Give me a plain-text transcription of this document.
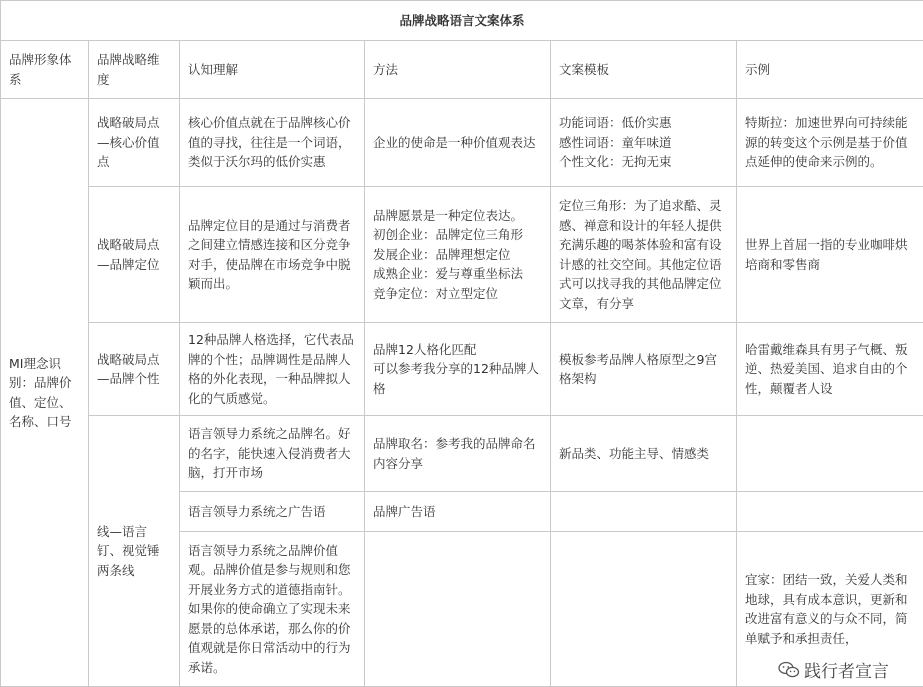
品牌战略语言文案体系					
品牌形象体系	品牌战略维度	认知理解	方法	文案模板	示例
MI理念识别：品牌价值、定位、名称、口号	战略破局点—核心价值点	核心价值点就在于品牌核心价值的寻找，往往是一个词语，类似于沃尔玛的低价实惠	企业的使命是一种价值观表达	功能词语：低价实惠
感性词语：童年味道
个性文化：无拘无束	特斯拉：加速世界向可持续能源的转变这个示例是基于价值点延伸的使命来示例的。
	战略破局点—品牌定位	品牌定位目的是通过与消费者之间建立情感连接和区分竞争对手，使品牌在市场竞争中脱颖而出。	品牌愿景是一种定位表达。
初创企业：品牌定位三角形
发展企业：品牌理想定位
成熟企业：爱与尊重坐标法
竞争定位：对立型定位	定位三角形：为了追求酷、灵感、禅意和设计的年轻人提供充满乐趣的喝茶体验和富有设计感的社交空间。其他定位语式可以找寻我的其他品牌定位文章，有分享	世界上首屈一指的专业咖啡烘培商和零售商
	战略破局点—品牌个性	12种品牌人格选择，它代表品牌的个性；品牌调性是品牌人格的外化表现，一种品牌拟人化的气质感觉。	品牌12人格化匹配
可以参考我分享的12种品牌人格	模板参考品牌人格原型之9宫格架构	哈雷戴维森具有男子气概、叛逆、热爱美国、追求自由的个性，颠覆者人设
	线—语言钉、视觉锤两条线	语言领导力系统之品牌名。好的名字，能快速入侵消费者大脑，打开市场	品牌取名：参考我的品牌命名内容分享	新品类、功能主导、情感类	
		语言领导力系统之广告语	品牌广告语		
		语言领导力系统之品牌价值观。品牌价值是参与规则和您开展业务方式的道德指南针。如果你的使命确立了实现未来愿景的总体承诺，那么你的价值观就是你日常活动中的行为承诺。			宜家：团结一致，关爱人类和地球，具有成本意识，更新和改进富有意义的与众不同，简单赋予和承担责任，
践行者宣言
